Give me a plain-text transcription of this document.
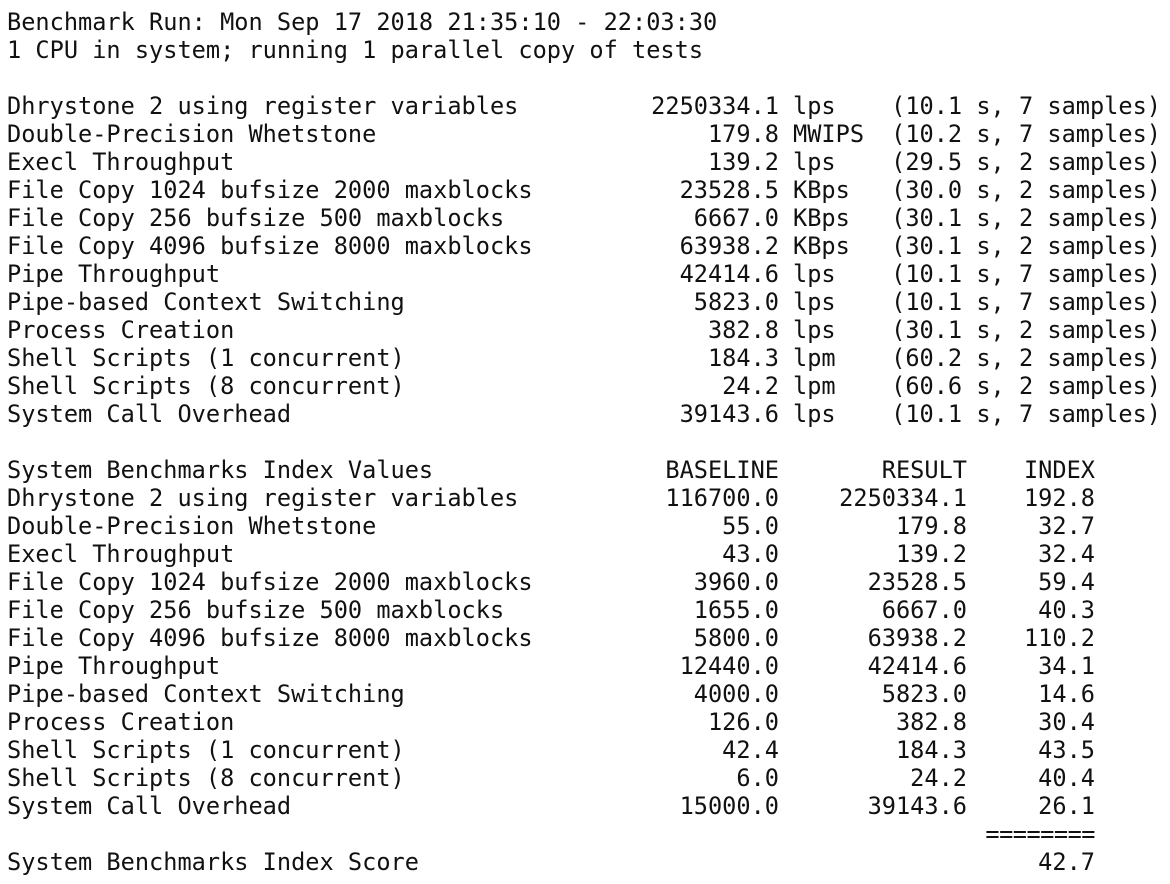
Benchmark Run: Mon Sep 17 2018 21:35:10 - 22:03:30
1 CPU in system; running 1 parallel copy of tests
Dhrystone 2 using register variables	2250334.1 lps (10.1 s, 7 samples)
Double-Precision Whetstone	179.8 MWIPS (10.2 s, 7 samples)
Execl Throughput	139.2 lps (29.5 s, 2 samples)
File Copy 1024 bufsize 2000 maxblocks	23528.5 KBps (30.0 s, 2 samples)
File Copy 256 bufsize 500 maxblocks	6667.0 KBps (30.1 s, 2 samples)
File Copy 4096 bufsize 8000 maxblocks	63938.2 KBps (30.1 s, 2 samples)
Pipe Throughput	42414.6 lps (10.1 s, 7 samples)
Pipe-based Context Switching	5823.0 lps (10.1 s, 7 samples)
Process Creation	382.8 lps (30.1 s, 2 samples)
Shell Scripts (1 concurrent)	184.3 lpm (60.2 s, 2 samples)
Shell Scripts (8 concurrent)	24.2 lpm (60.6 s, 2 samples)
System Call Overhead	39143.6 lps (10.1 s, 7 samples)
System Benchmarks Index Values	BASELINE	RESULT INDEX
Dhrystone 2 using register variables	116700.0	2250334.1 192.8
Double-Precision Whetstone	55.0	179.8	32.7
Execl Throughput	43.0	139.2	32.4
File Copy 1024 bufsize 2000 maxblocks	3960.0	23528.5	59.4
File Copy 256 bufsize 500 maxblocks	1655.0	6667.0	40.3
File Copy 4096 bufsize 8000 maxblocks	5800.0	63938.2 110.2
Pipe Throughput	12440.0	42414.6	34.1
Pipe-based Context Switching	4000.0	5823.0	14.6
Process Creation	126.0	382.8	30.4
Shell Scripts (1 concurrent)	42.4	184.3	43.5
Shell Scripts (8 concurrent)	6.0	24.2	40.4
System Call Overhead	15000.0	39143.6	26.1
========
System Benchmarks Index Score	42.7
